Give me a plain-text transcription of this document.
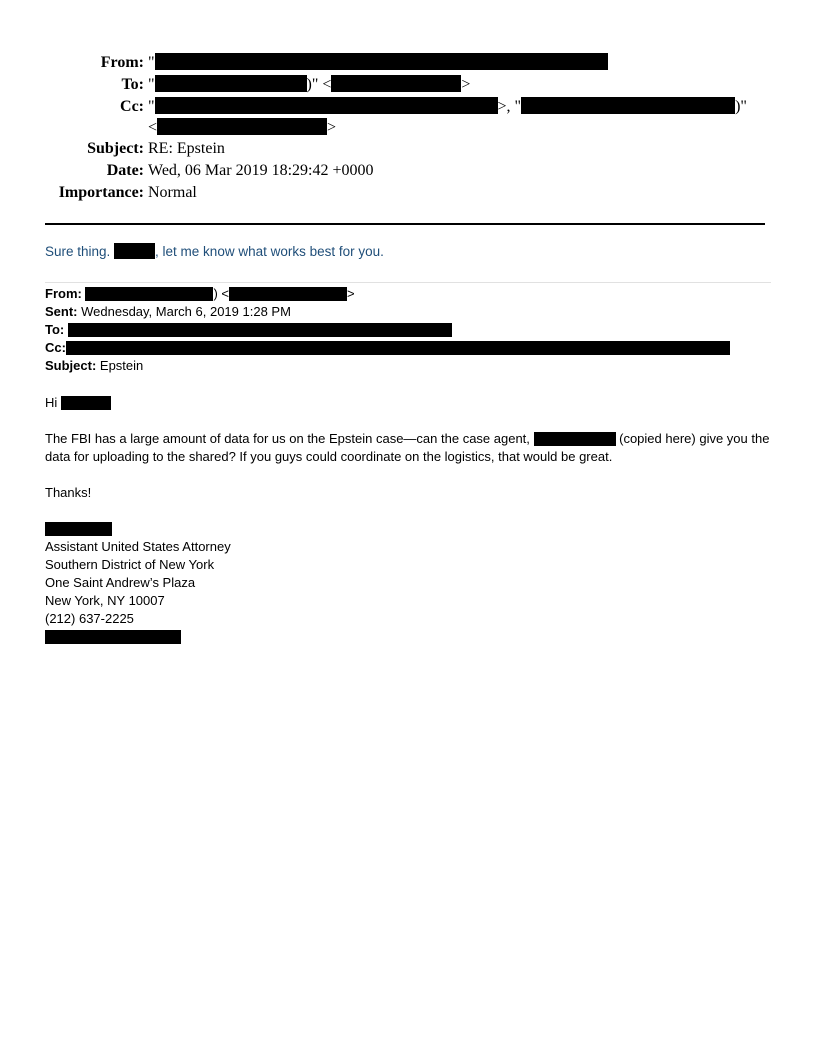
From: "
To: "	)" <	>
Cc: "	>, "	)"
<	>
Subject: RE: Epstein
Date: Wed, 06 Mar 2019 18:29:42 +0000
Importance: Normal
Sure thing.	, let me know what works best for you.
From:	) <	>
Sent: Wednesday, March 6, 2019 1:28 PM
To:
Cc:
Subject: Epstein

Hi

The FBI has a large amount of data for us on the Epstein case—can the case agent,	(copied here) give you the data for uploading to the shared? If you guys could coordinate on the logistics, that would be great.

Thanks!

Assistant United States Attorney
Southern District of New York
One Saint Andrew’s Plaza
New York, NY 10007
(212) 637-2225
